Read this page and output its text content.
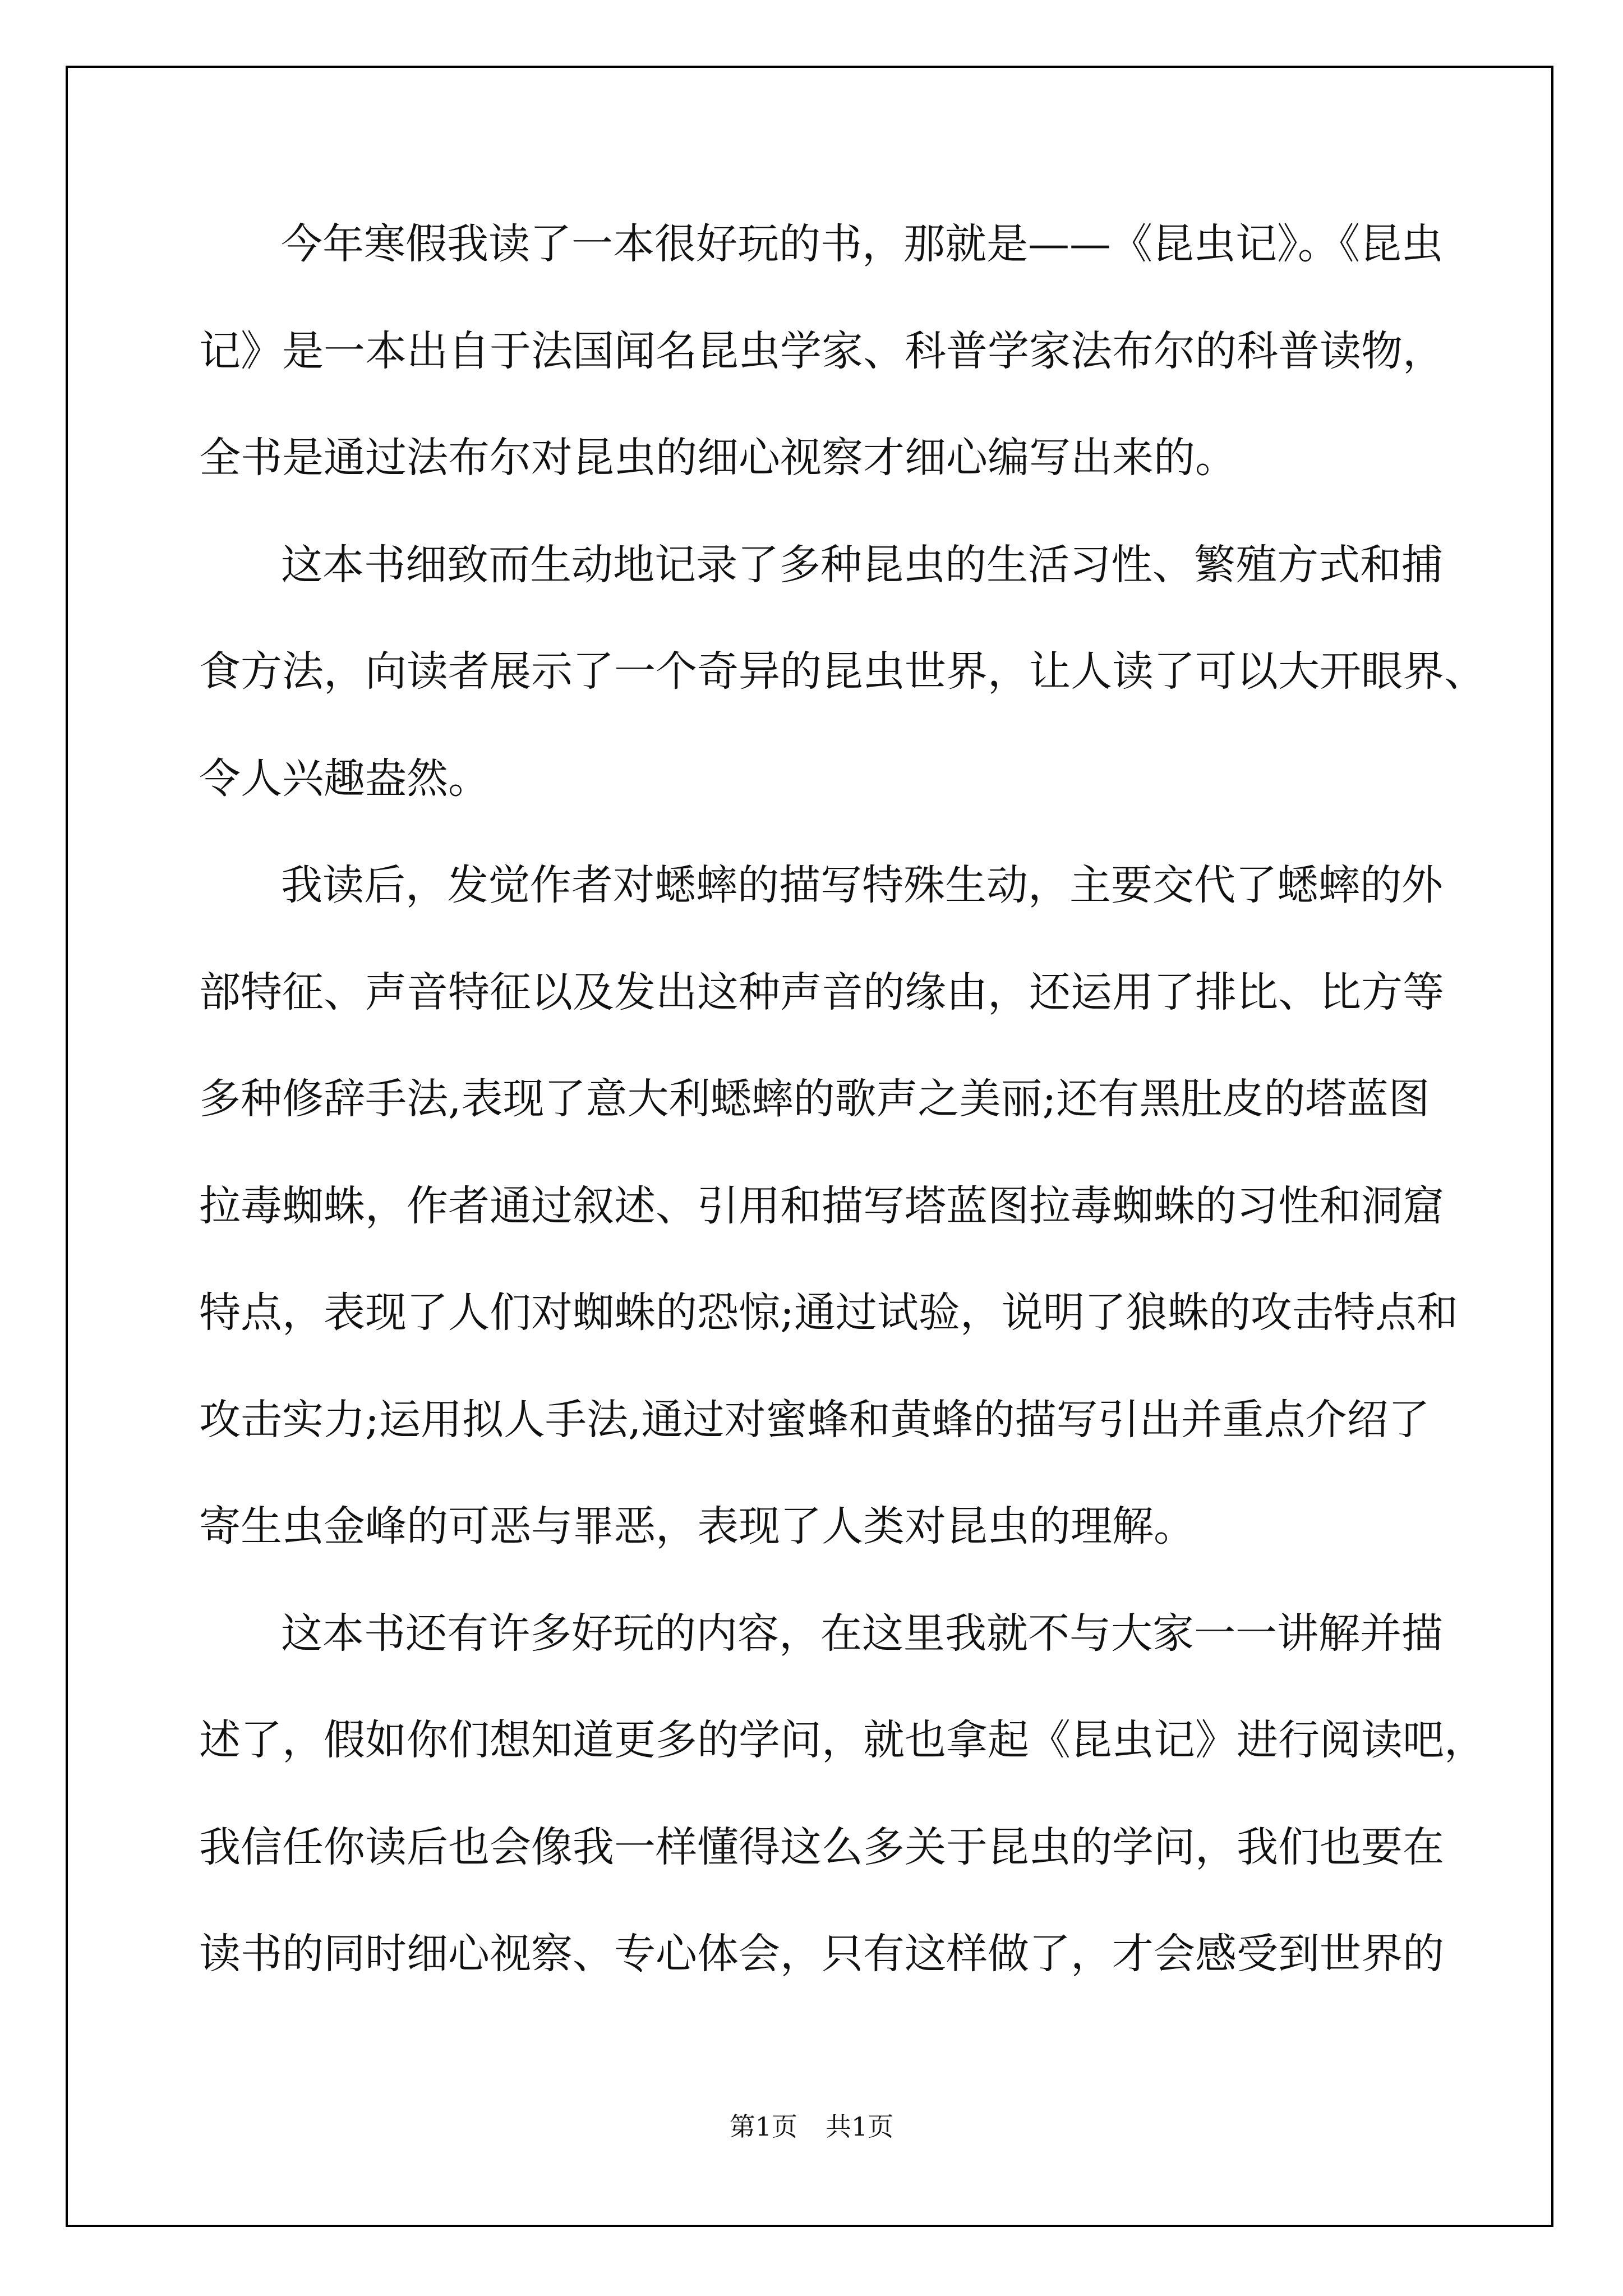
今年寒假我读了一本很好玩的书，那就是——《昆虫记》。《昆虫
记》是一本出自于法国闻名昆虫学家、科普学家法布尔的科普读物，
全书是通过法布尔对昆虫的细心视察才细心编写出来的。
这本书细致而生动地记录了多种昆虫的生活习性、繁殖方式和捕
食方法，向读者展示了一个奇异的昆虫世界，让人读了可以大开眼界、
令人兴趣盎然。
我读后，发觉作者对蟋蟀的描写特殊生动，主要交代了蟋蟀的外
部特征、声音特征以及发出这种声音的缘由，还运用了排比、比方等
多种修辞手法,表现了意大利蟋蟀的歌声之美丽;还有黑肚皮的塔蓝图
拉毒蜘蛛，作者通过叙述、引用和描写塔蓝图拉毒蜘蛛的习性和洞窟
特点，表现了人们对蜘蛛的恐惊;通过试验，说明了狼蛛的攻击特点和
攻击实力;运用拟人手法,通过对蜜蜂和黄蜂的描写引出并重点介绍了
寄生虫金峰的可恶与罪恶，表现了人类对昆虫的理解。
这本书还有许多好玩的内容，在这里我就不与大家一一讲解并描
述了，假如你们想知道更多的学问，就也拿起《昆虫记》进行阅读吧，
我信任你读后也会像我一样懂得这么多关于昆虫的学问，我们也要在
读书的同时细心视察、专心体会，只有这样做了，才会感受到世界的
第1页 共1页
